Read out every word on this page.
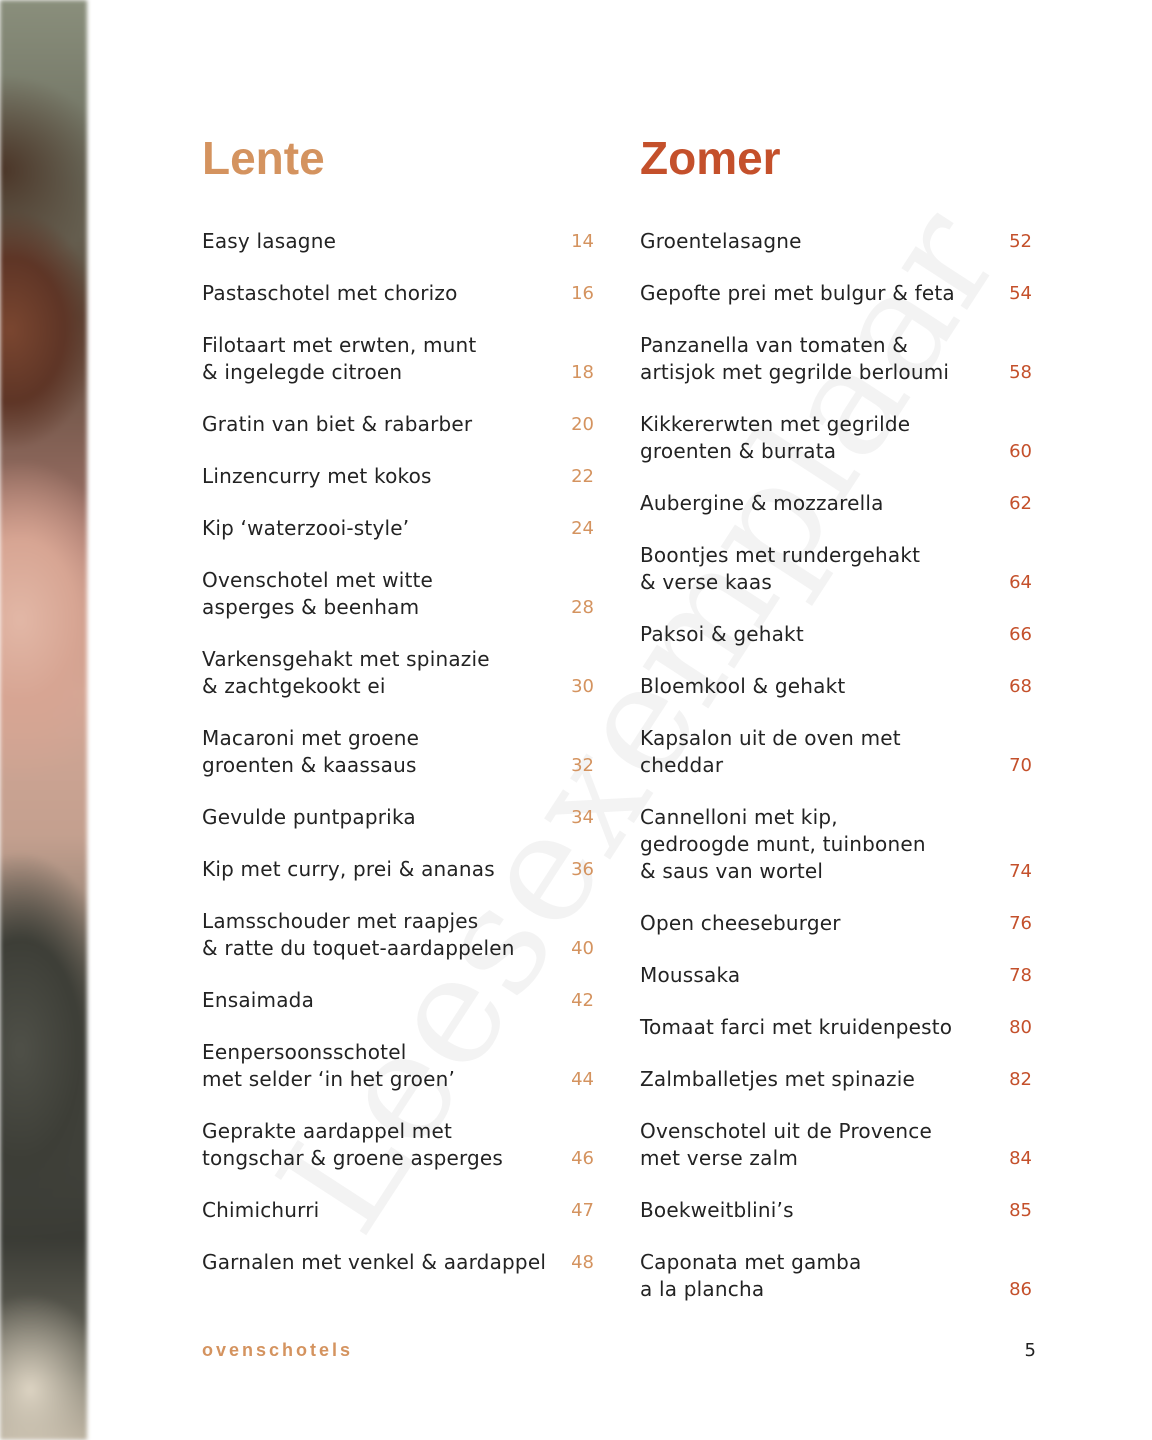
Lente
Easy lasagne	14
Pastaschotel met chorizo	16
Filotaart met erwten, munt
& ingelegde citroen	18
Gratin van biet & rabarber	20
Linzencurry met kokos	22
Kip ‘waterzooi-style’	24
Ovenschotel met witte
asperges & beenham	28
Varkensgehakt met spinazie
& zachtgekookt ei	30
Macaroni met groene
groenten & kaassaus	32
Gevulde puntpaprika	34
Kip met curry, prei & ananas	36
Lamsschouder met raapjes
& ratte du toquet-aardappelen	40
Ensaimada	42
Eenpersoonsschotel
met selder ‘in het groen’	44
Geprakte aardappel met
tongschar & groene asperges	46
Chimichurri	47
Garnalen met venkel & aardappel	48
Zomer
Groentelasagne	52
Gepofte prei met bulgur & feta	54
Panzanella van tomaten &
artisjok met gegrilde berloumi	58
Kikkererwten met gegrilde
groenten & burrata	60
Aubergine & mozzarella	62
Boontjes met rundergehakt
& verse kaas	64
Paksoi & gehakt	66
Bloemkool & gehakt	68
Kapsalon uit de oven met cheddar	70
Cannelloni met kip,
gedroogde munt, tuinbonen
& saus van wortel	74
Open cheeseburger	76
Moussaka	78
Tomaat farci met kruidenpesto	80
Zalmballetjes met spinazie	82
Ovenschotel uit de Provence
met verse zalm	84
Boekweitblini’s	85
Caponata met gamba
a la plancha	86
ovenschotels	5
